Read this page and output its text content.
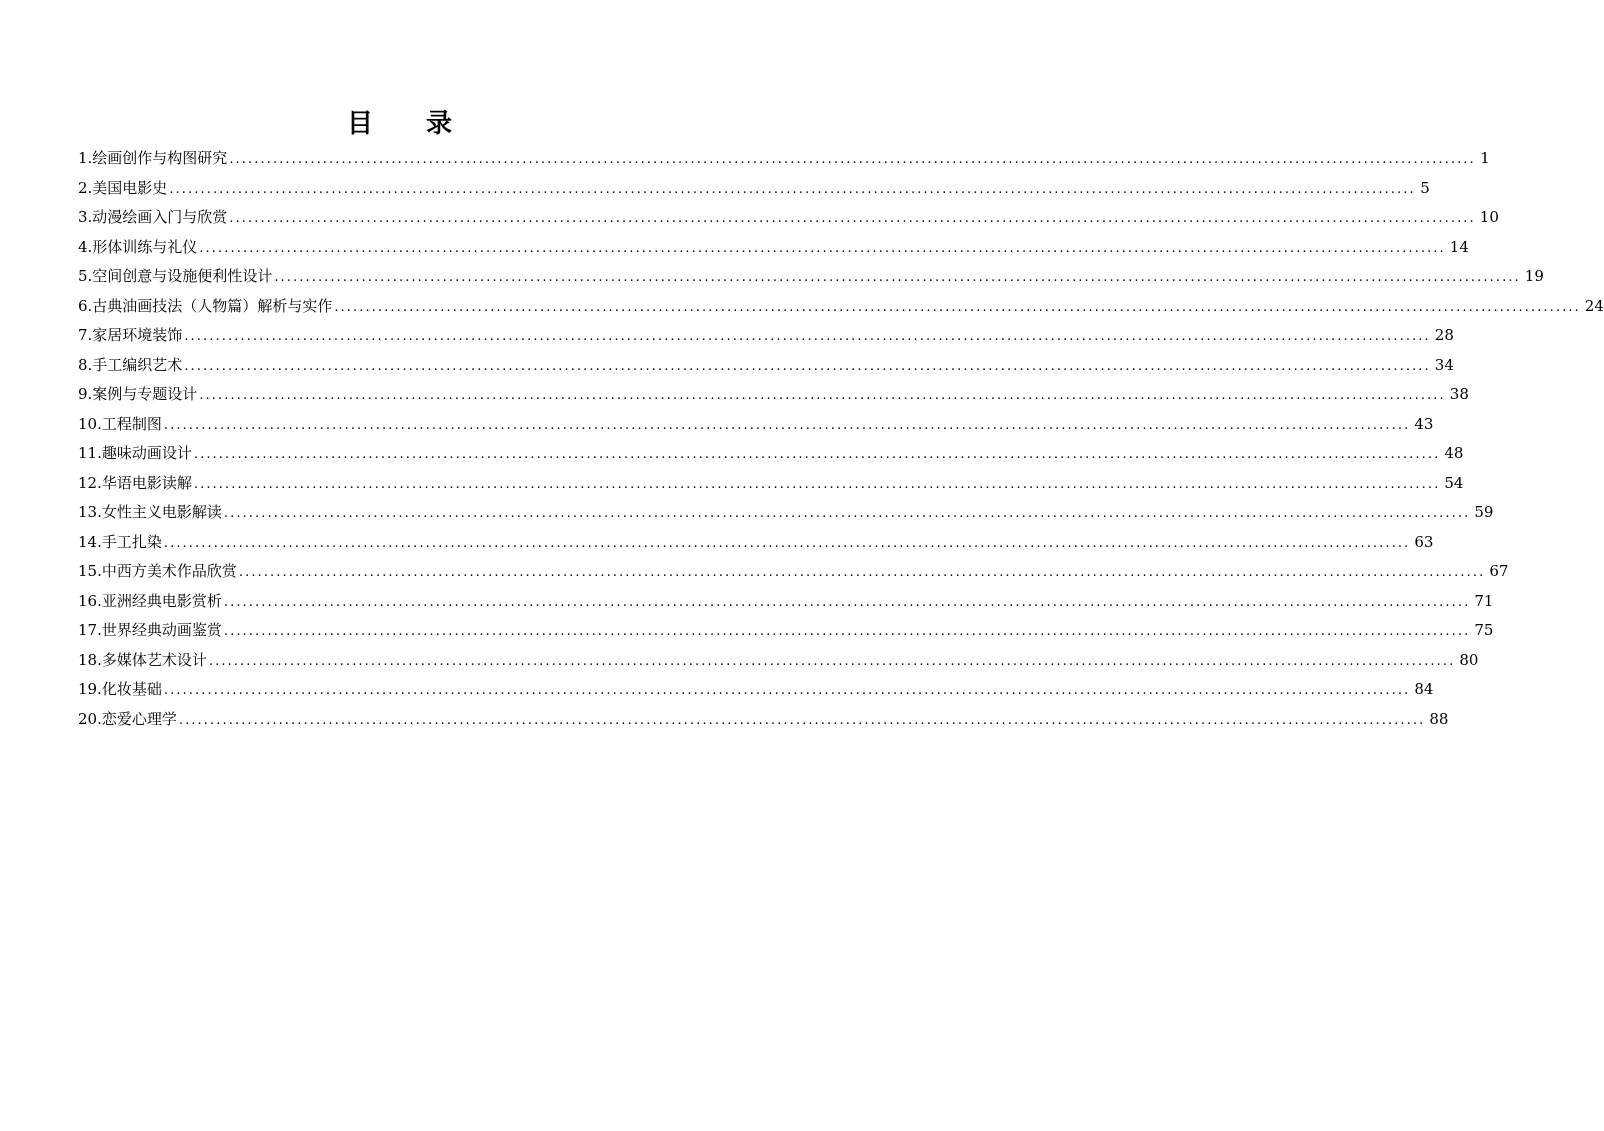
目 录
1.绘画创作与构图研究 ........................................................................................................................................................................................................ 1
2.美国电影史 ........................................................................................................................................................................................................ 5
3.动漫绘画入门与欣赏 ........................................................................................................................................................................................................ 10
4.形体训练与礼仪 ........................................................................................................................................................................................................ 14
5.空间创意与设施便利性设计 ........................................................................................................................................................................................................ 19
6.古典油画技法（人物篇）解析与实作 ........................................................................................................................................................................................................ 24
7.家居环境装饰 ........................................................................................................................................................................................................ 28
8.手工编织艺术 ........................................................................................................................................................................................................ 34
9.案例与专题设计 ........................................................................................................................................................................................................ 38
10.工程制图 ........................................................................................................................................................................................................ 43
11.趣味动画设计 ........................................................................................................................................................................................................ 48
12.华语电影读解 ........................................................................................................................................................................................................ 54
13.女性主义电影解读 ........................................................................................................................................................................................................ 59
14.手工扎染 ........................................................................................................................................................................................................ 63
15.中西方美术作品欣赏 ........................................................................................................................................................................................................ 67
16.亚洲经典电影赏析 ........................................................................................................................................................................................................ 71
17.世界经典动画鉴赏 ........................................................................................................................................................................................................ 75
18.多媒体艺术设计 ........................................................................................................................................................................................................ 80
19.化妆基础 ........................................................................................................................................................................................................ 84
20.恋爱心理学 ........................................................................................................................................................................................................ 88
